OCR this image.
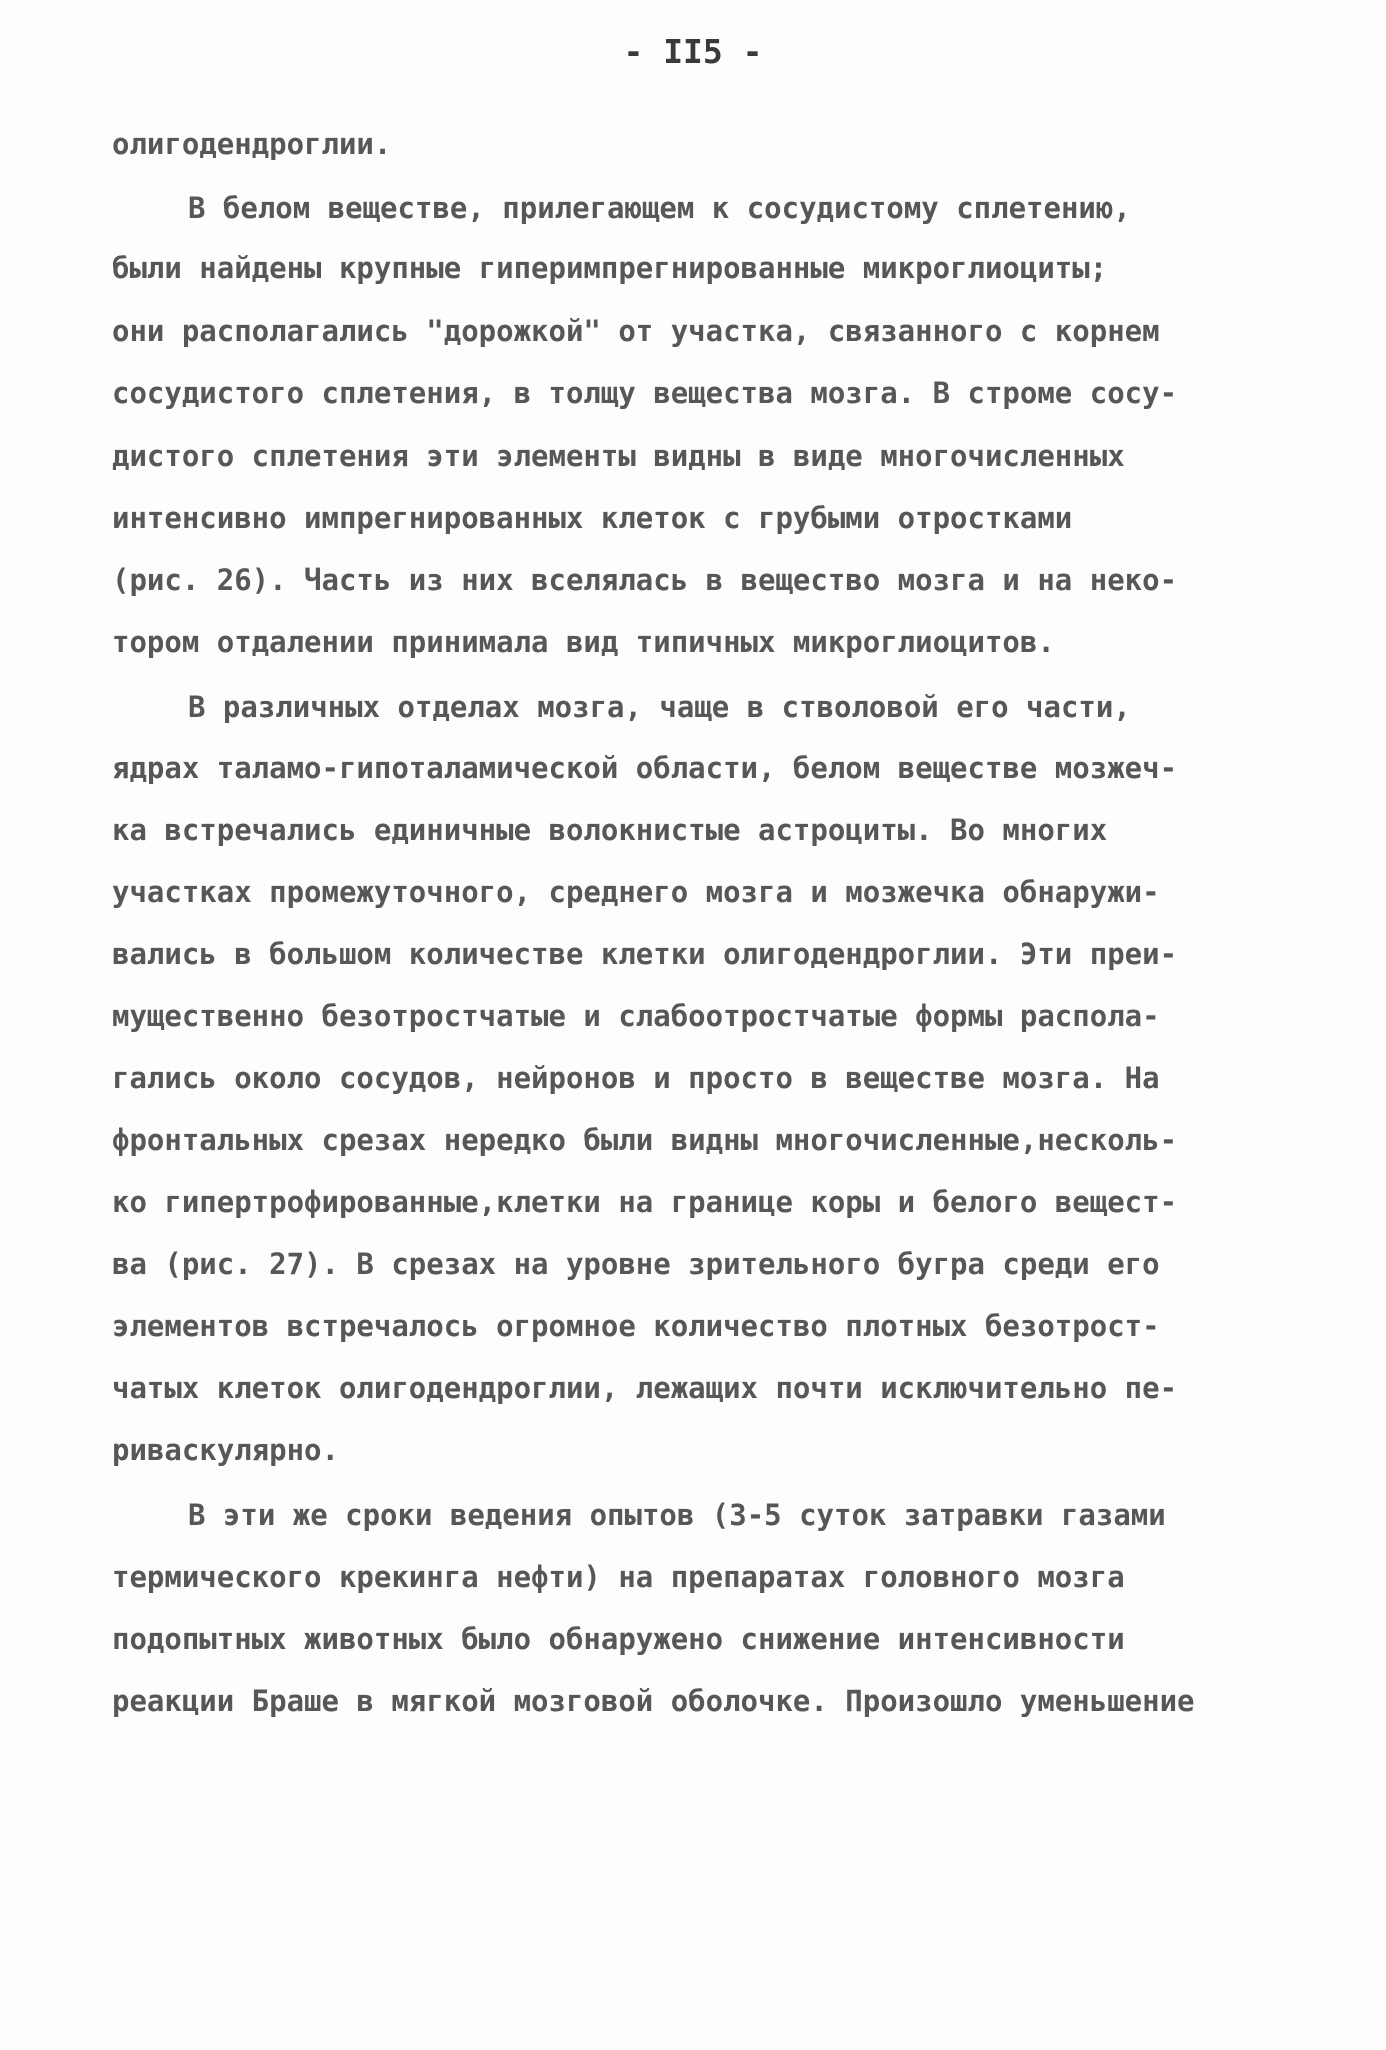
- II5 -
олигодендроглии.
В белом веществе, прилегающем к сосудистому сплетению,
были найдены крупные гиперимпрегнированные микроглиоциты;
они располагались "дорожкой" от участка, связанного с корнем
сосудистого сплетения, в толщу вещества мозга. В строме сосу-
дистого сплетения эти элементы видны в виде многочисленных
интенсивно импрегнированных клеток с грубыми отростками
(рис. 26). Часть из них вселялась в вещество мозга и на неко-
тором отдалении принимала вид типичных микроглиоцитов.
В различных отделах мозга, чаще в стволовой его части,
ядрах таламо-гипоталамической области, белом веществе мозжеч-
ка встречались единичные волокнистые астроциты. Во многих
участках промежуточного, среднего мозга и мозжечка обнаружи-
вались в большом количестве клетки олигодендроглии. Эти преи-
мущественно безотростчатые и слабоотростчатые формы распола-
гались около сосудов, нейронов и просто в веществе мозга. На
фронтальных срезах нередко были видны многочисленные,несколь-
ко гипертрофированные,клетки на границе коры и белого вещест-
ва (рис. 27). В срезах на уровне зрительного бугра среди его
элементов встречалось огромное количество плотных безотрост-
чатых клеток олигодендроглии, лежащих почти исключительно пе-
риваскулярно.
В эти же сроки ведения опытов (3-5 суток затравки газами
термического крекинга нефти) на препаратах головного мозга
подопытных животных было обнаружено снижение интенсивности
реакции Браше в мягкой мозговой оболочке. Произошло уменьшение
